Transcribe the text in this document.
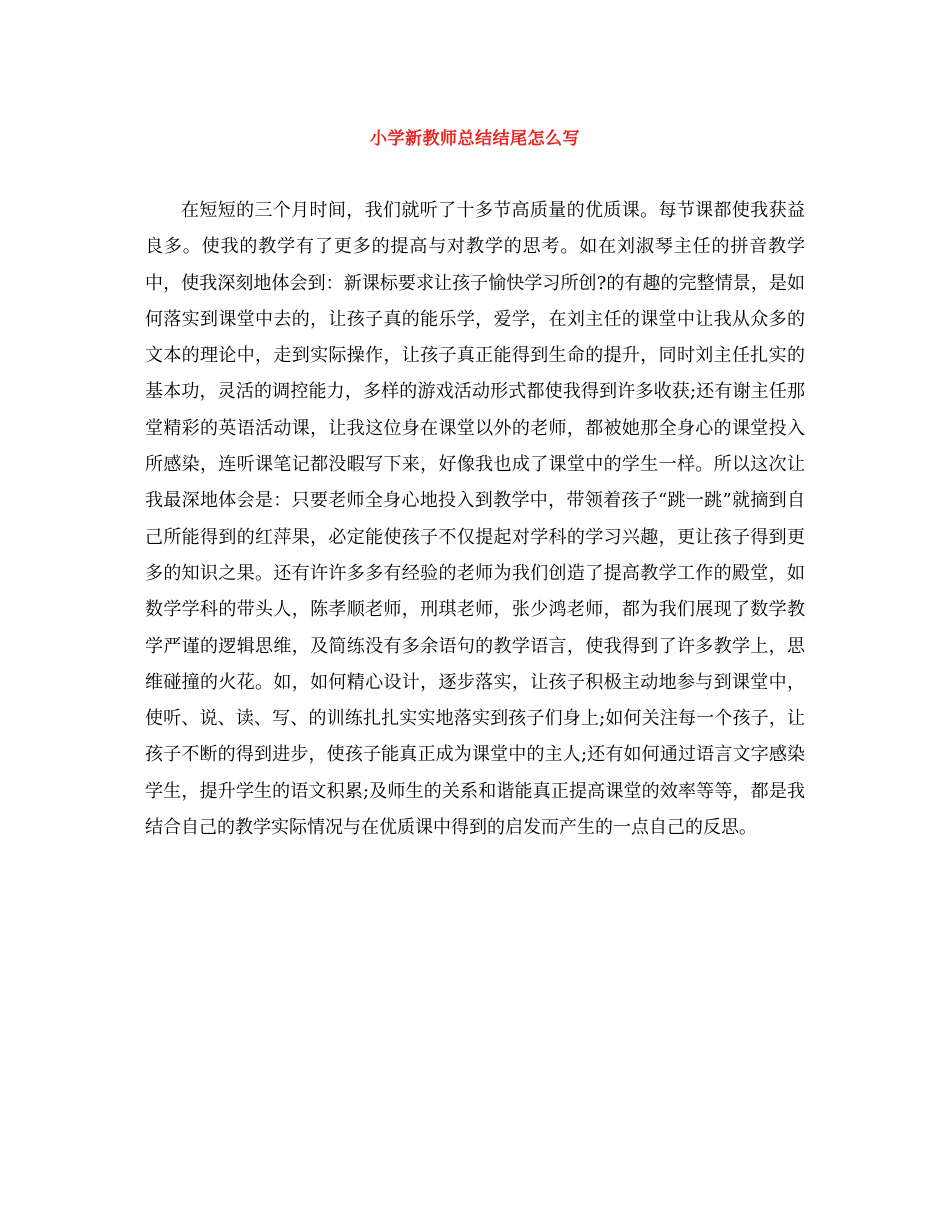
小学新教师总结结尾怎么写

在短短的三个月时间，我们就听了十多节高质量的优质课。每节课都使我获益良多。使我的教学有了更多的提高与对教学的思考。如在刘淑琴主任的拼音教学中，使我深刻地体会到：新课标要求让孩子愉快学习所创?的有趣的完整情景，是如何落实到课堂中去的，让孩子真的能乐学，爱学，在刘主任的课堂中让我从众多的文本的理论中，走到实际操作，让孩子真正能得到生命的提升，同时刘主任扎实的基本功，灵活的调控能力，多样的游戏活动形式都使我得到许多收获;还有谢主任那堂精彩的英语活动课，让我这位身在课堂以外的老师，都被她那全身心的课堂投入所感染，连听课笔记都没暇写下来，好像我也成了课堂中的学生一样。所以这次让我最深地体会是：只要老师全身心地投入到教学中，带领着孩子“跳一跳”就摘到自己所能得到的红萍果，必定能使孩子不仅提起对学科的学习兴趣，更让孩子得到更多的知识之果。还有许许多多有经验的老师为我们创造了提高教学工作的殿堂，如数学学科的带头人，陈孝顺老师，刑琪老师，张少鸿老师，都为我们展现了数学教学严谨的逻辑思维，及简练没有多余语句的教学语言，使我得到了许多教学上，思维碰撞的火花。如，如何精心设计，逐步落实，让孩子积极主动地参与到课堂中，使听、说、读、写、的训练扎扎实实地落实到孩子们身上;如何关注每一个孩子，让孩子不断的得到进步，使孩子能真正成为课堂中的主人;还有如何通过语言文字感染学生，提升学生的语文积累;及师生的关系和谐能真正提高课堂的效率等等，都是我结合自己的教学实际情况与在优质课中得到的启发而产生的一点自己的反思。
